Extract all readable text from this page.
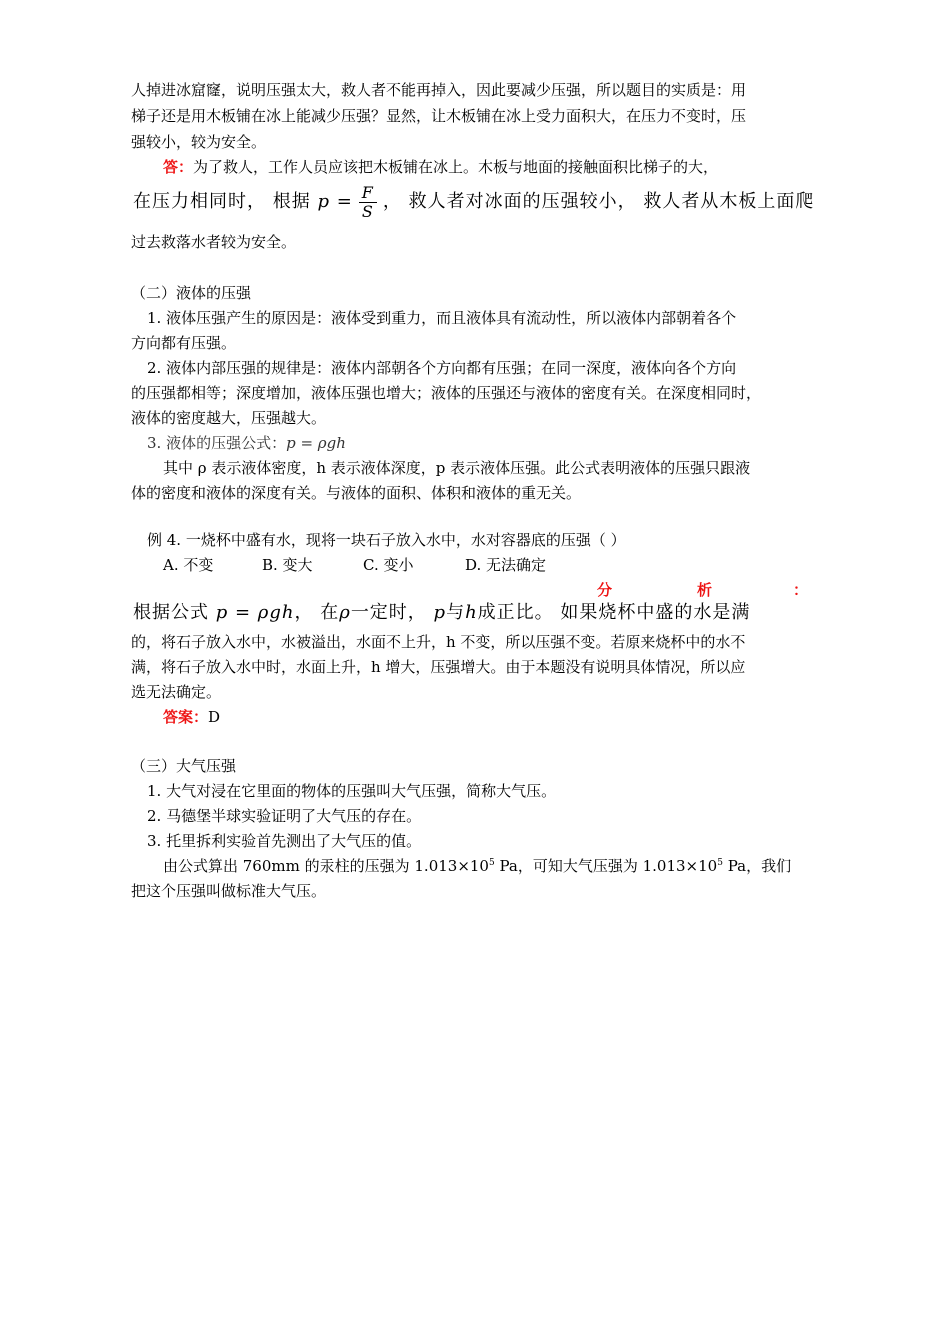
人掉进冰窟窿，说明压强太大，救人者不能再掉入，因此要减少压强，所以题目的实质是：用
梯子还是用木板铺在冰上能减少压强？显然，让木板铺在冰上受力面积大，在压力不变时，压
强较小，较为安全。
答：为了救人，工作人员应该把木板铺在冰上。木板与地面的接触面积比梯子的大，
在压力相同时， 根据 $p = \frac{F}{S}$ ， 救人者对冰面的压强较小， 救人者从木板上面爬
过去救落水者较为安全。
（二）液体的压强
1. 液体压强产生的原因是：液体受到重力，而且液体具有流动性，所以液体内部朝着各个
方向都有压强。
2. 液体内部压强的规律是：液体内部朝各个方向都有压强；在同一深度，液体向各个方向
的压强都相等；深度增加，液体压强也增大；液体的压强还与液体的密度有关。在深度相同时，
液体的密度越大，压强越大。
3. 液体的压强公式：p = ρgh
其中 ρ 表示液体密度，h 表示液体深度，p 表示液体压强。此公式表明液体的压强只跟液
体的密度和液体的深度有关。与液体的面积、体积和液体的重无关。
例 4. 一烧杯中盛有水，现将一块石子放入水中，水对容器底的压强（ ）
A. 不变	B. 变大	C. 变小	D. 无法确定
分	析	：
根据公式 p = ρgh， 在ρ一定时， p与h成正比。 如果烧杯中盛的水是满
的，将石子放入水中，水被溢出，水面不上升，h 不变，所以压强不变。若原来烧杯中的水不
满，将石子放入水中时，水面上升，h 增大，压强增大。由于本题没有说明具体情况，所以应
选无法确定。
答案：D
（三）大气压强
1. 大气对浸在它里面的物体的压强叫大气压强，简称大气压。
2. 马德堡半球实验证明了大气压的存在。
3. 托里拆利实验首先测出了大气压的值。
由公式算出 760mm 的汞柱的压强为 $1.013\times 10^5$ Pa，可知大气压强为 $1.013\times 10^5$ Pa，我们
把这个压强叫做标准大气压。
